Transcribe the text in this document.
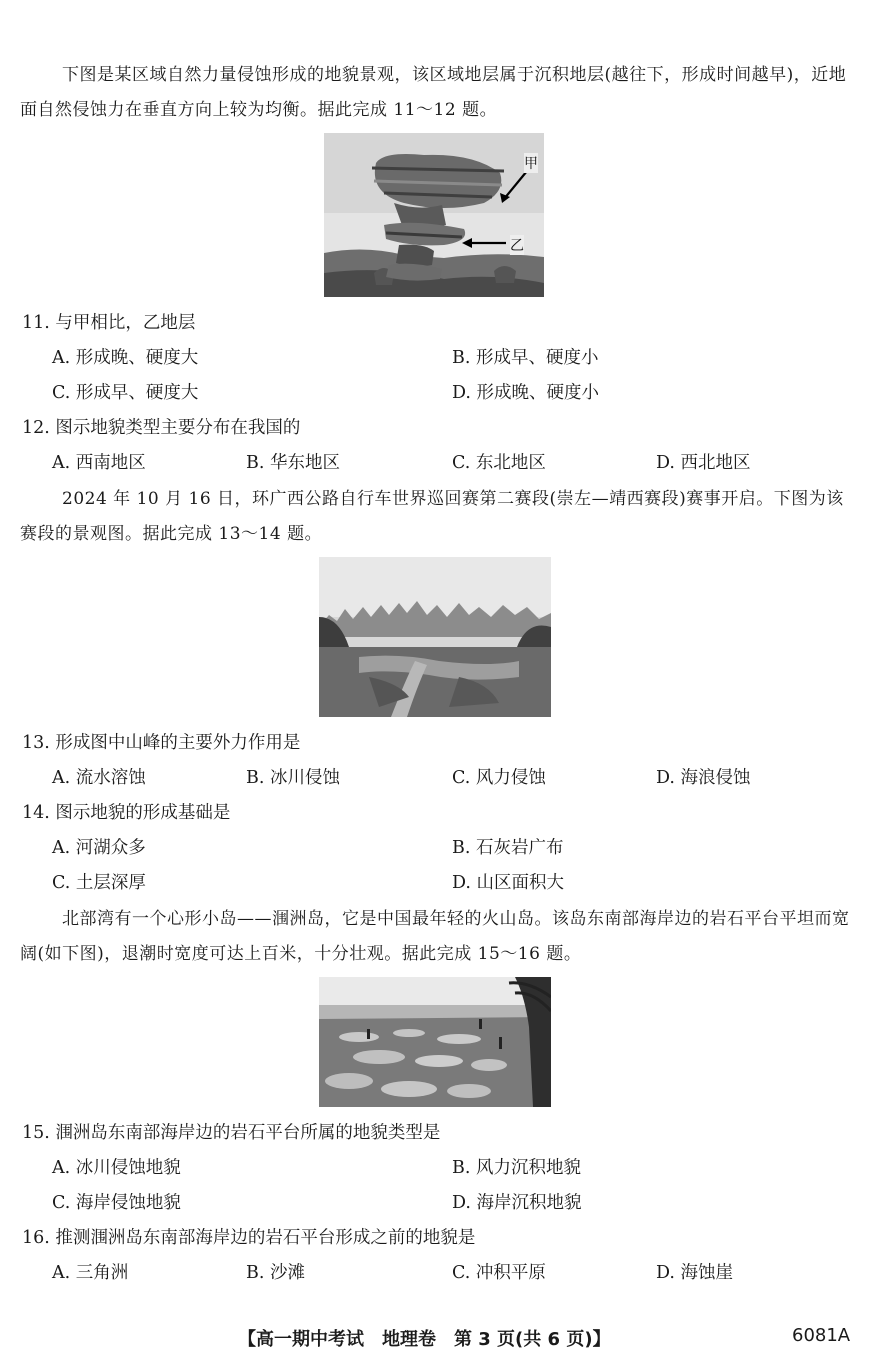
下图是某区域自然力量侵蚀形成的地貌景观，该区域地层属于沉积地层(越往下，形成时间越早)，近地面自然侵蚀力在垂直方向上较为均衡。据此完成 11～12 题。

甲
乙

11. 与甲相比，乙地层

A. 形成晚、硬度大	B. 形成早、硬度小

C. 形成早、硬度大	D. 形成晚、硬度小

12. 图示地貌类型主要分布在我国的

A. 西南地区	B. 华东地区	C. 东北地区	D. 西北地区

2024 年 10 月 16 日，环广西公路自行车世界巡回赛第二赛段(崇左—靖西赛段)赛事开启。下图为该赛段的景观图。据此完成 13～14 题。

13. 形成图中山峰的主要外力作用是

A. 流水溶蚀	B. 冰川侵蚀	C. 风力侵蚀	D. 海浪侵蚀

14. 图示地貌的形成基础是

A. 河湖众多	B. 石灰岩广布

C. 土层深厚	D. 山区面积大

北部湾有一个心形小岛——涠洲岛，它是中国最年轻的火山岛。该岛东南部海岸边的岩石平台平坦而宽阔(如下图)，退潮时宽度可达上百米，十分壮观。据此完成 15～16 题。

15. 涠洲岛东南部海岸边的岩石平台所属的地貌类型是

A. 冰川侵蚀地貌	B. 风力沉积地貌

C. 海岸侵蚀地貌	D. 海岸沉积地貌

16. 推测涠洲岛东南部海岸边的岩石平台形成之前的地貌是

A. 三角洲	B. 沙滩	C. 冲积平原	D. 海蚀崖

【高一期中考试　地理卷　第 3 页(共 6 页)】	6081A
